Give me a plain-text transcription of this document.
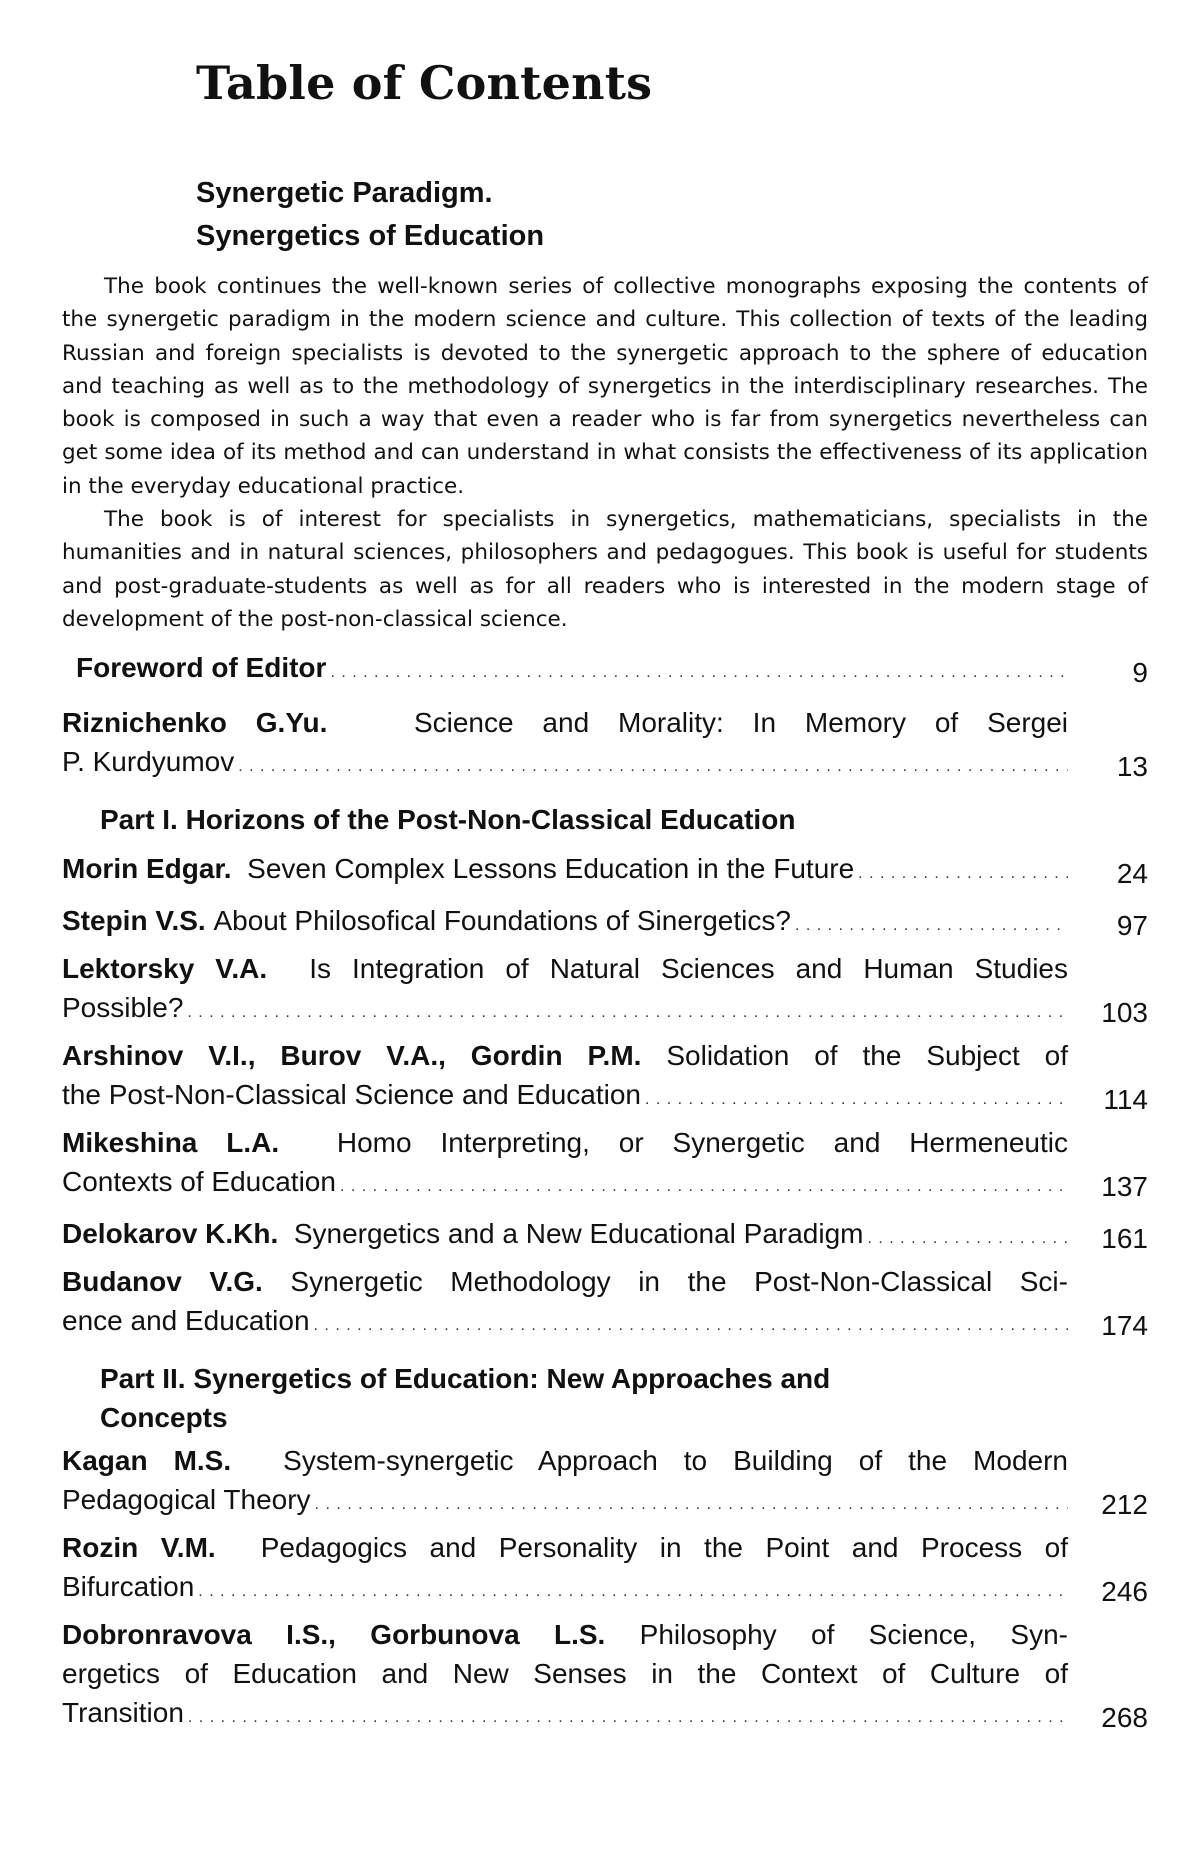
Table of Contents
Synergetic Paradigm.
Synergetics of Education

The book continues the well-known series of collective monographs exposing the contents of the synergetic paradigm in the modern science and culture. This collection of texts of the leading Russian and foreign specialists is devoted to the synergetic approach to the sphere of education and teaching as well as to the methodology of synergetics in the interdisciplinary researches. The book is composed in such a way that even a reader who is far from synergetics nevertheless can get some idea of its method and can understand in what consists the effectiveness of its application in the everyday educational practice.

The book is of interest for specialists in synergetics, mathematicians, specialists in the humanities and in natural sciences, philosophers and pedagogues. This book is useful for students and post-graduate-students as well as for all readers who is interested in the modern stage of development of the post-non-classical science.

Foreword of Editor . . .	9
Riznichenko G.Yu.	Science and Morality: In Memory of Sergei
P. Kurdyumov . . .	13
Part I. Horizons of the Post-Non-Classical Education
Morin Edgar.
Seven Complex Lessons Education in the Future . . .	24
Stepin V.S.
About Philosofical Foundations of Sinergetics? . . .	97
Lektorsky V.A. Is Integration of Natural Sciences and Human Studies
Possible? . . .	103
Arshinov V.I., Burov V.A., Gordin P.M. Solidation of the Subject of
the Post-Non-Classical Science and Education . . .	114
Mikeshina L.A. Homo Interpreting, or Synergetic and Hermeneutic
Contexts of Education . . .	137
Delokarov K.Kh.
Synergetics and a New Educational Paradigm . . .	161
Budanov V.G. Synergetic Methodology in the Post-Non-Classical Sci-
ence and Education . . .	174
Part II. Synergetics of Education: New Approaches and Concepts
Kagan M.S. System-synergetic Approach to Building of the Modern
Pedagogical Theory . . .	212
Rozin V.M. Pedagogics and Personality in the Point and Process of
Bifurcation . . .	246
Dobronravova I.S., Gorbunova L.S. Philosophy of Science, Syn-
ergetics of Education and New Senses in the Context of Culture of
Transition . . .	268
